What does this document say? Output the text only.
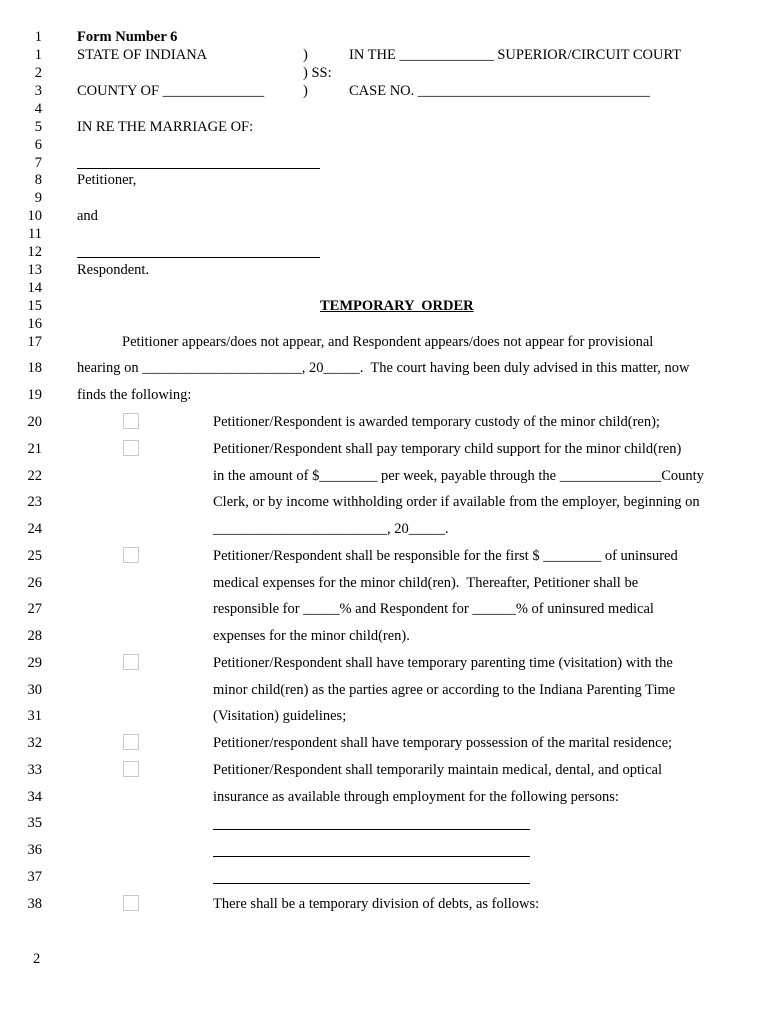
1
1
2
3
4
5
6
7
8
9
10
11
12
13
14
15
16
17
18
19
20
21
22
23
24
25
26
27
28
29
30
31
32
33
34
35
36
37
38
Form Number 6
STATE OF INDIANA	)	IN THE _____________ SUPERIOR/CIRCUIT COURT
) SS:
COUNTY OF ______________	)	CASE NO. ________________________________
IN RE THE MARRIAGE OF:
Petitioner,
and
Respondent.
TEMPORARY  ORDER
Petitioner appears/does not appear, and Respondent appears/does not appear for provisional
hearing on ______________________, 20_____.  The court having been duly advised in this matter, now
finds the following:
Petitioner/Respondent is awarded temporary custody of the minor child(ren);
Petitioner/Respondent shall pay temporary child support for the minor child(ren)
in the amount of $________ per week, payable through the ______________County
Clerk, or by income withholding order if available from the employer, beginning on
________________________, 20_____.
Petitioner/Respondent shall be responsible for the first $ ________ of uninsured
medical expenses for the minor child(ren).  Thereafter, Petitioner shall be
responsible for _____% and Respondent for ______% of uninsured medical
expenses for the minor child(ren).
Petitioner/Respondent shall have temporary parenting time (visitation) with the
minor child(ren) as the parties agree or according to the Indiana Parenting Time
(Visitation) guidelines;
Petitioner/respondent shall have temporary possession of the marital residence;
Petitioner/Respondent shall temporarily maintain medical, dental, and optical
insurance as available through employment for the following persons:
There shall be a temporary division of debts, as follows:
2
